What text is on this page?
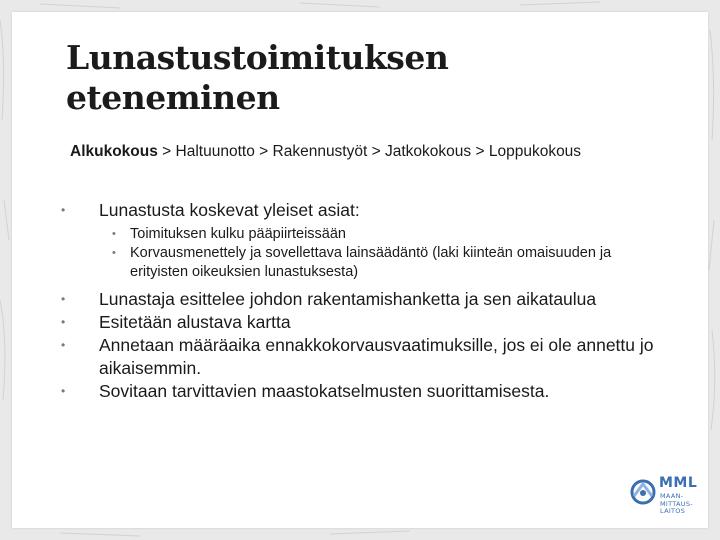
Lunastustoimituksen
eteneminen
Alkukokous > Haltuunotto > Rakennustyöt > Jatkokokous > Loppukokous
• Lunastusta koskevat yleiset asiat:
• Toimituksen kulku pääpiirteissään
• Korvausmenettely ja sovellettava lainsäädäntö (laki kiinteän omaisuuden ja erityisten oikeuksien lunastuksesta)
• Lunastaja esittelee johdon rakentamishanketta ja sen aikataulua
• Esitetään alustava kartta
• Annetaan määräaika ennakkokorvausvaatimuksille, jos ei ole annettu jo aikaisemmin.
• Sovitaan tarvittavien maastokatselmusten suorittamisesta.
MML
MAAN-MITTAUS-LAITOS
